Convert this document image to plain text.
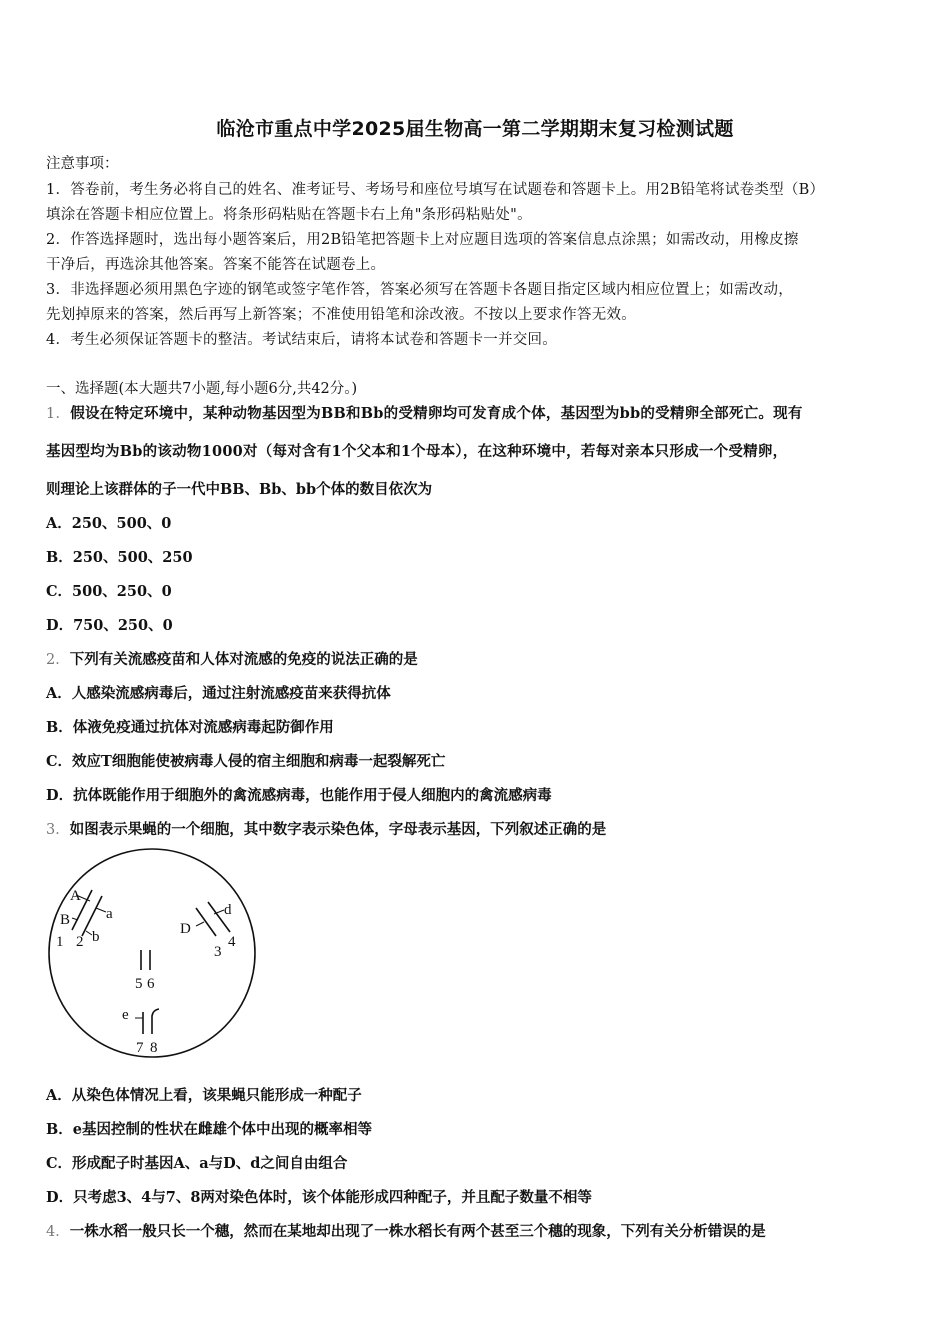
临沧市重点中学2025届生物高一第二学期期末复习检测试题
注意事项：
1．答卷前，考生务必将自己的姓名、准考证号、考场号和座位号填写在试题卷和答题卡上。用2B铅笔将试卷类型（B）
填涂在答题卡相应位置上。将条形码粘贴在答题卡右上角"条形码粘贴处"。
2．作答选择题时，选出每小题答案后，用2B铅笔把答题卡上对应题目选项的答案信息点涂黑；如需改动，用橡皮擦
干净后，再选涂其他答案。答案不能答在试题卷上。
3．非选择题必须用黑色字迹的钢笔或签字笔作答，答案必须写在答题卡各题目指定区域内相应位置上；如需改动，
先划掉原来的答案，然后再写上新答案；不准使用铅笔和涂改液。不按以上要求作答无效。
4．考生必须保证答题卡的整洁。考试结束后，请将本试卷和答题卡一并交回。
一、选择题(本大题共7小题,每小题6分,共42分。)
1．假设在特定环境中，某种动物基因型为BB和Bb的受精卵均可发育成个体，基因型为bb的受精卵全部死亡。现有
基因型均为Bb的该动物1000对（每对含有1个父本和1个母本），在这种环境中，若每对亲本只形成一个受精卵，
则理论上该群体的子一代中BB、Bb、bb个体的数目依次为
A．250、500、0
B．250、500、250
C．500、250、0
D．750、250、0
2．下列有关流感疫苗和人体对流感的免疫的说法正确的是
A．人感染流感病毒后，通过注射流感疫苗来获得抗体
B．体液免疫通过抗体对流感病毒起防御作用
C．效应T细胞能使被病毒人侵的宿主细胞和病毒一起裂解死亡
D．抗体既能作用于细胞外的禽流感病毒，也能作用于侵人细胞内的禽流感病毒
3．如图表示果蝇的一个细胞，其中数字表示染色体，字母表示基因，下列叙述正确的是
A
B a
b
1 2
D
d
3
4
5 6
e
7 8
A．从染色体情况上看，该果蝇只能形成一种配子
B．e基因控制的性状在雌雄个体中出现的概率相等
C．形成配子时基因A、a与D、d之间自由组合
D．只考虑3、4与7、8两对染色体时，该个体能形成四种配子，并且配子数量不相等
4．一株水稻一般只长一个穗，然而在某地却出现了一株水稻长有两个甚至三个穗的现象，下列有关分析错误的是
